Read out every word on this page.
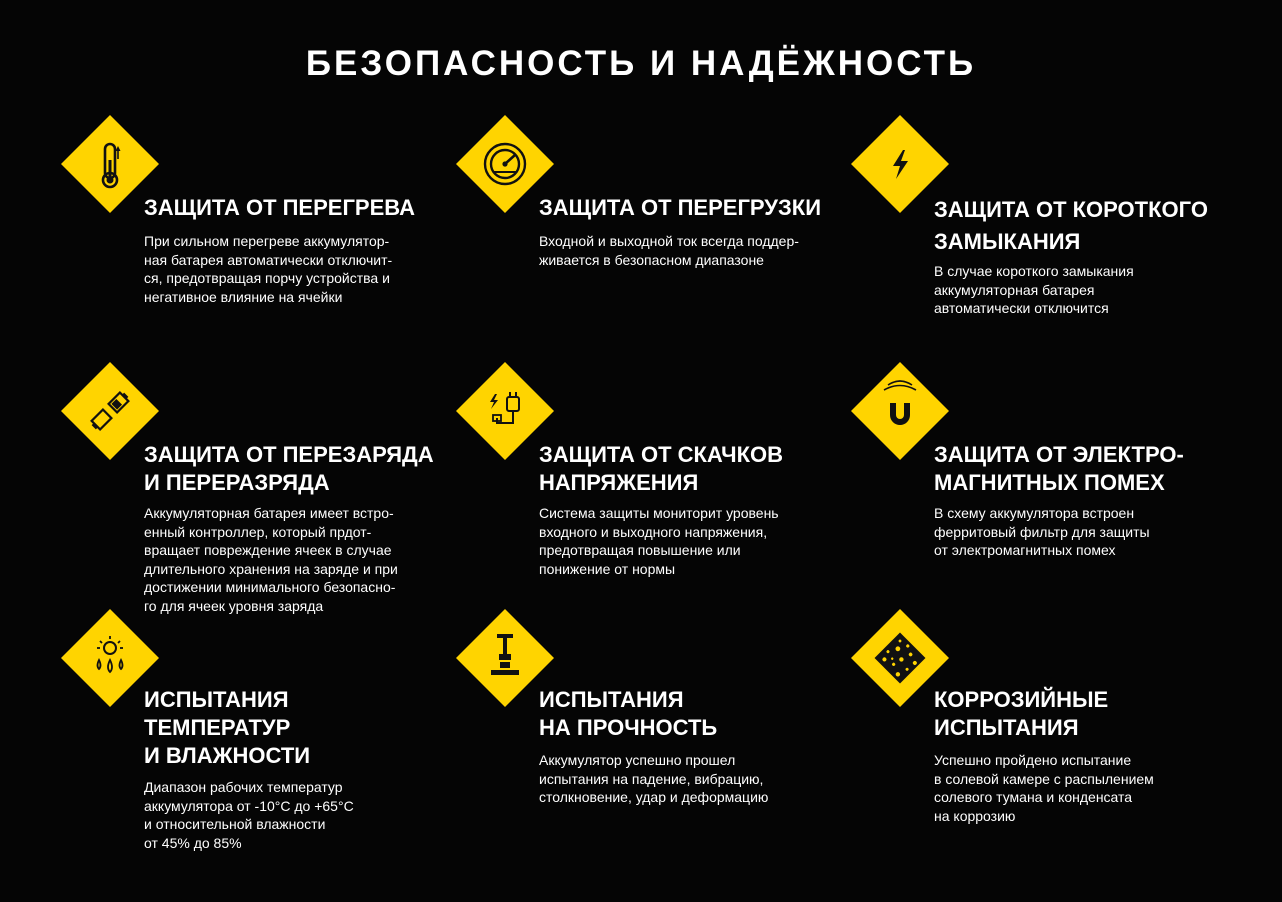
БЕЗОПАСНОСТЬ И НАДЁЖНОСТЬ
ЗАЩИТА ОТ ПЕРЕГРЕВА

При сильном перегреве аккумулятор-
ная батарея автоматически отключит-
ся, предотвращая порчу устройства и
негативное влияние на ячейки

ЗАЩИТА ОТ ПЕРЕГРУЗКИ

Входной и выходной ток всегда поддер-
живается в безопасном диапазоне

ЗАЩИТА ОТ КОРОТКОГО
ЗАМЫКАНИЯ

В случае короткого замыкания
аккумуляторная батарея
автоматически отключится

ЗАЩИТА ОТ ПЕРЕЗАРЯДА
И ПЕРЕРАЗРЯДА

Аккумуляторная батарея имеет встро-
енный контроллер, который прдот-
вращает повреждение ячеек в случае
длительного хранения на заряде и при
достижении минимального безопасно-
го для ячеек уровня заряда

ЗАЩИТА ОТ СКАЧКОВ
НАПРЯЖЕНИЯ

Система защиты мониторит уровень
входного и выходного напряжения,
предотвращая повышение или
понижение от нормы

ЗАЩИТА ОТ ЭЛЕКТРО-
МАГНИТНЫХ ПОМЕХ

В схему аккумулятора встроен
ферритовый фильтр для защиты
от электромагнитных помех

ИСПЫТАНИЯ
ТЕМПЕРАТУР
И ВЛАЖНОСТИ

Диапазон рабочих температур
аккумулятора от -10°C до +65°C
и относительной влажности
от 45% до 85%

ИСПЫТАНИЯ
НА ПРОЧНОСТЬ

Аккумулятор успешно прошел
испытания на падение, вибрацию,
столкновение, удар и деформацию

КОРРОЗИЙНЫЕ
ИСПЫТАНИЯ

Успешно пройдено испытание
в солевой камере с распылением
солевого тумана и конденсата
на коррозию
